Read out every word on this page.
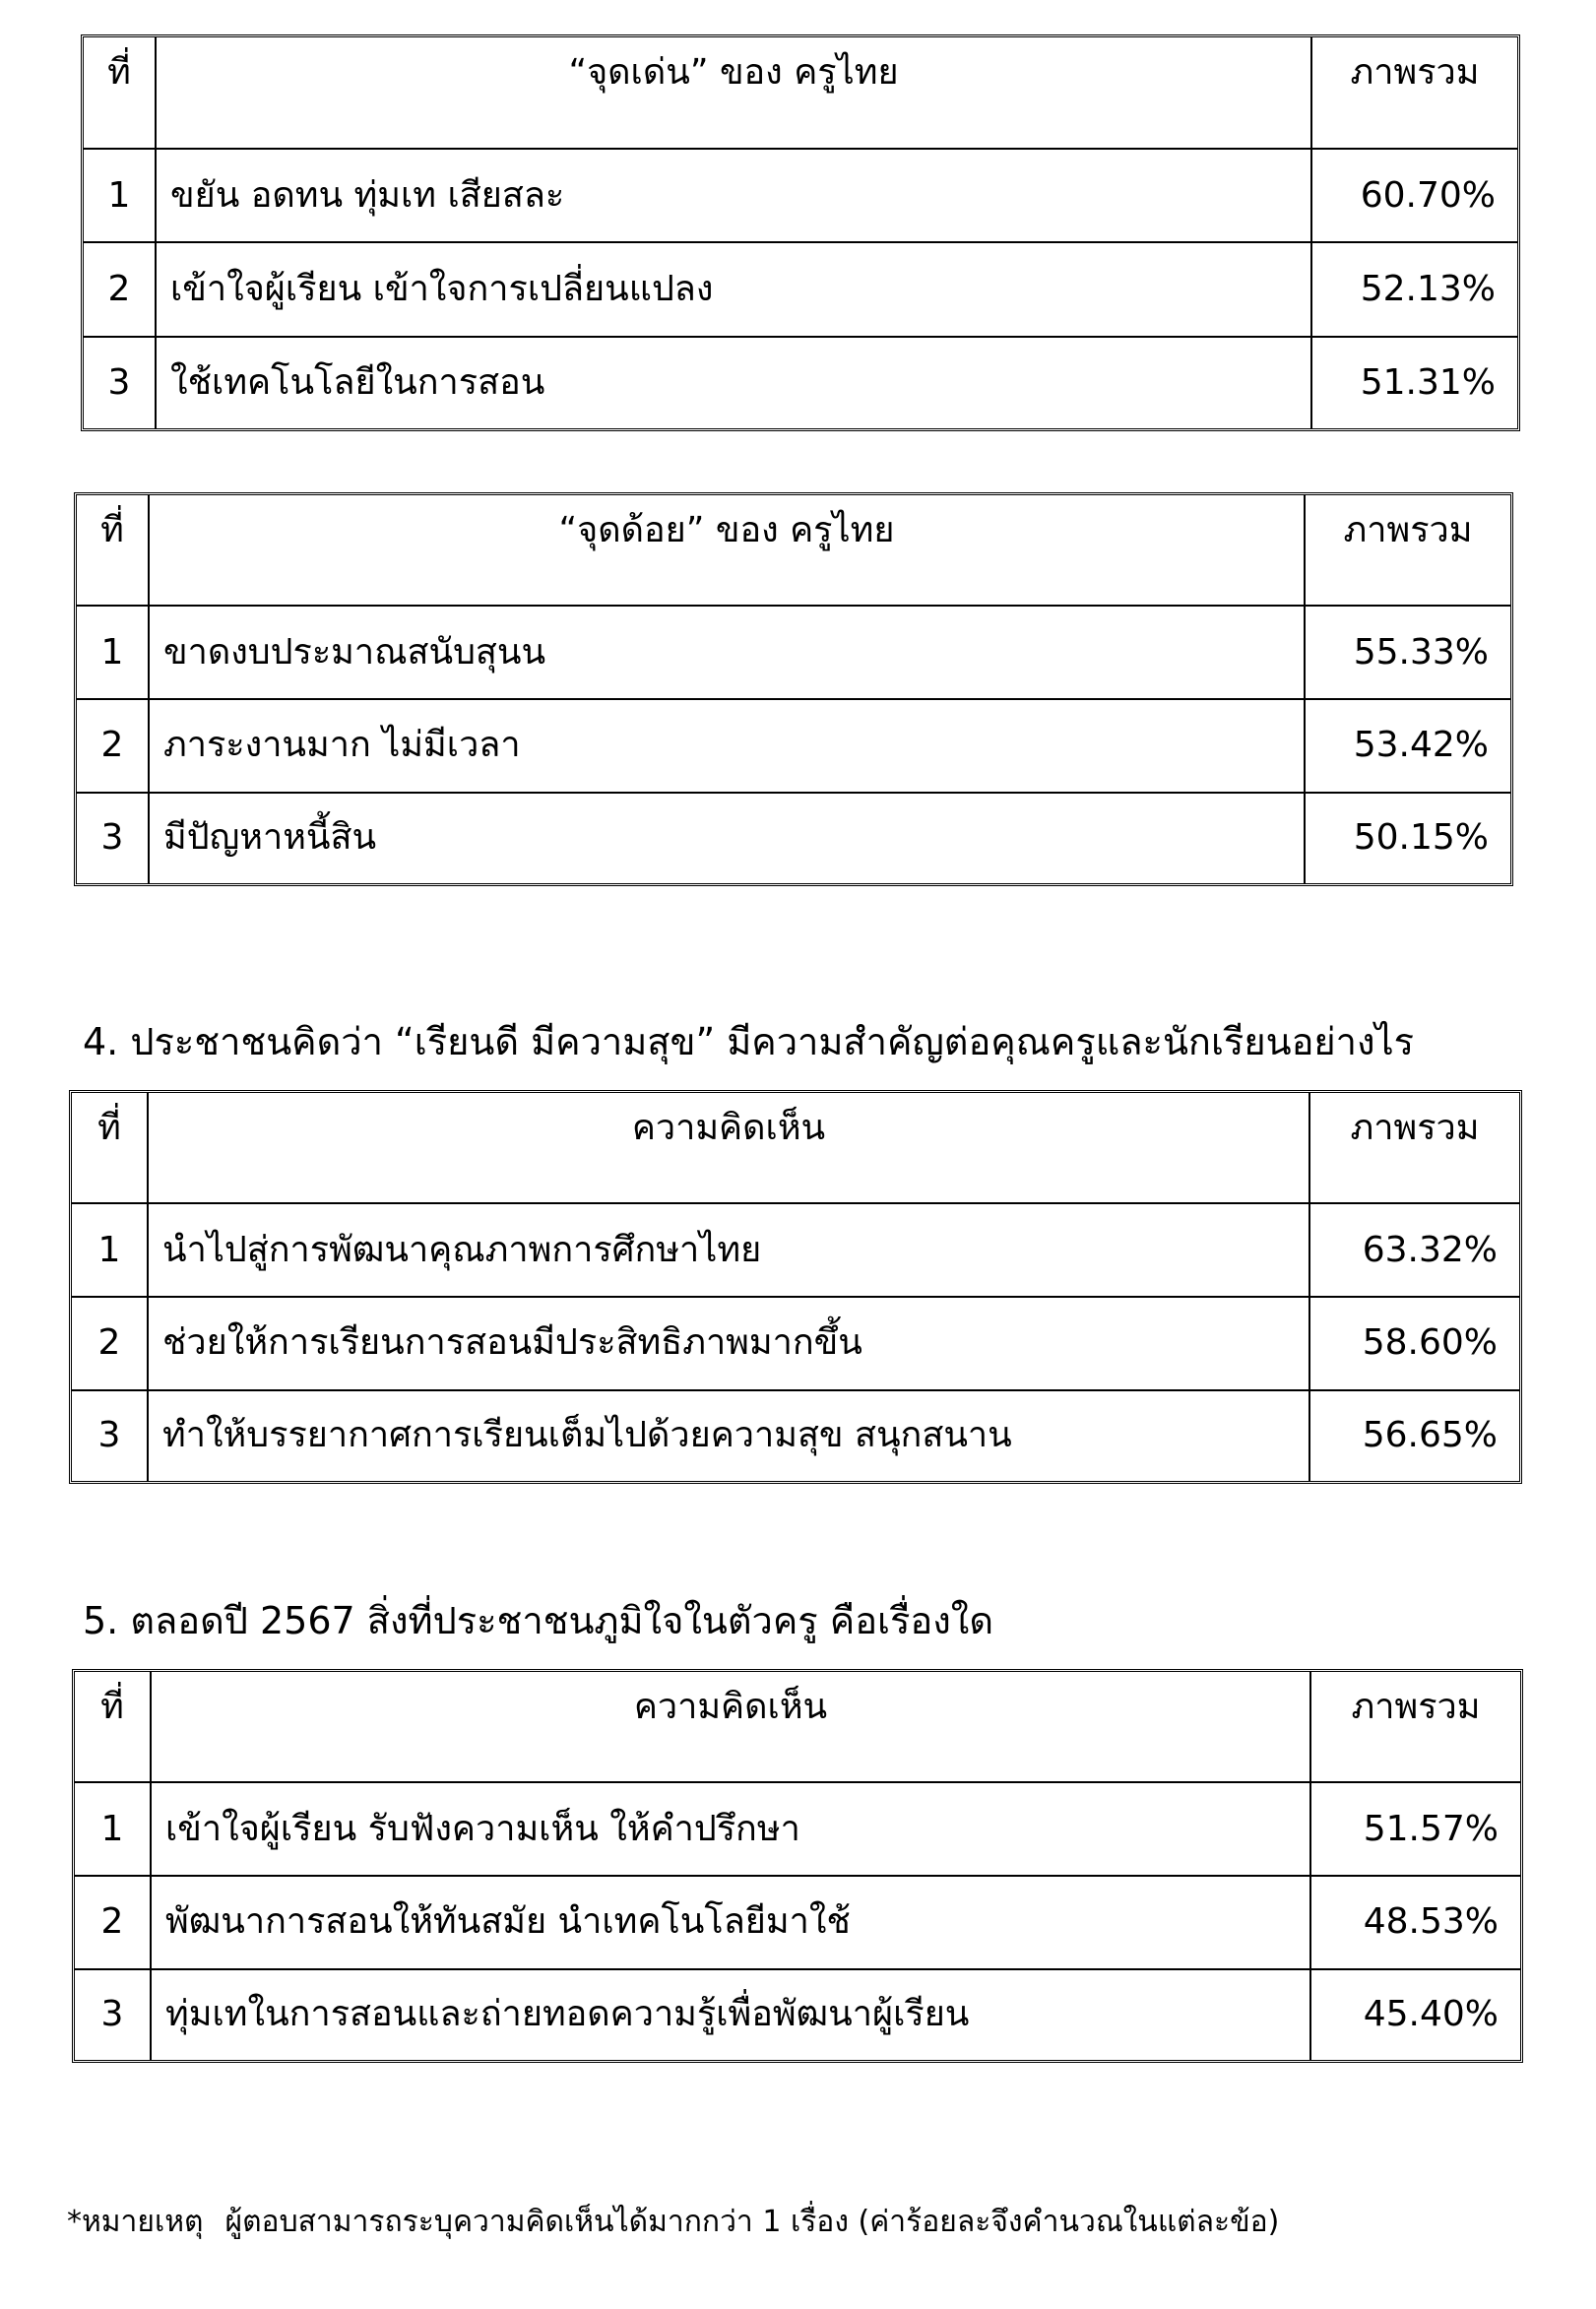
ที่	“จุดเด่น” ของ ครูไทย	ภาพรวม
1	ขยัน อดทน ทุ่มเท เสียสละ	60.70%
2	เข้าใจผู้เรียน เข้าใจการเปลี่ยนแปลง	52.13%
3	ใช้เทคโนโลยีในการสอน	51.31%
ที่	“จุดด้อย” ของ ครูไทย	ภาพรวม
1	ขาดงบประมาณสนับสุนน	55.33%
2	ภาระงานมาก ไม่มีเวลา	53.42%
3	มีปัญหาหนี้สิน	50.15%
4. ประชาชนคิดว่า “เรียนดี มีความสุข” มีความสำคัญต่อคุณครูและนักเรียนอย่างไร
ที่	ความคิดเห็น	ภาพรวม
1	นำไปสู่การพัฒนาคุณภาพการศึกษาไทย	63.32%
2	ช่วยให้การเรียนการสอนมีประสิทธิภาพมากขึ้น	58.60%
3	ทำให้บรรยากาศการเรียนเต็มไปด้วยความสุข สนุกสนาน	56.65%
5. ตลอดปี 2567 สิ่งที่ประชาชนภูมิใจในตัวครู คือเรื่องใด
ที่	ความคิดเห็น	ภาพรวม
1	เข้าใจผู้เรียน รับฟังความเห็น ให้คำปรึกษา	51.57%
2	พัฒนาการสอนให้ทันสมัย นำเทคโนโลยีมาใช้	48.53%
3	ทุ่มเทในการสอนและถ่ายทอดความรู้เพื่อพัฒนาผู้เรียน	45.40%
*หมายเหตุ ผู้ตอบสามารถระบุความคิดเห็นได้มากกว่า 1 เรื่อง (ค่าร้อยละจึงคำนวณในแต่ละข้อ)
